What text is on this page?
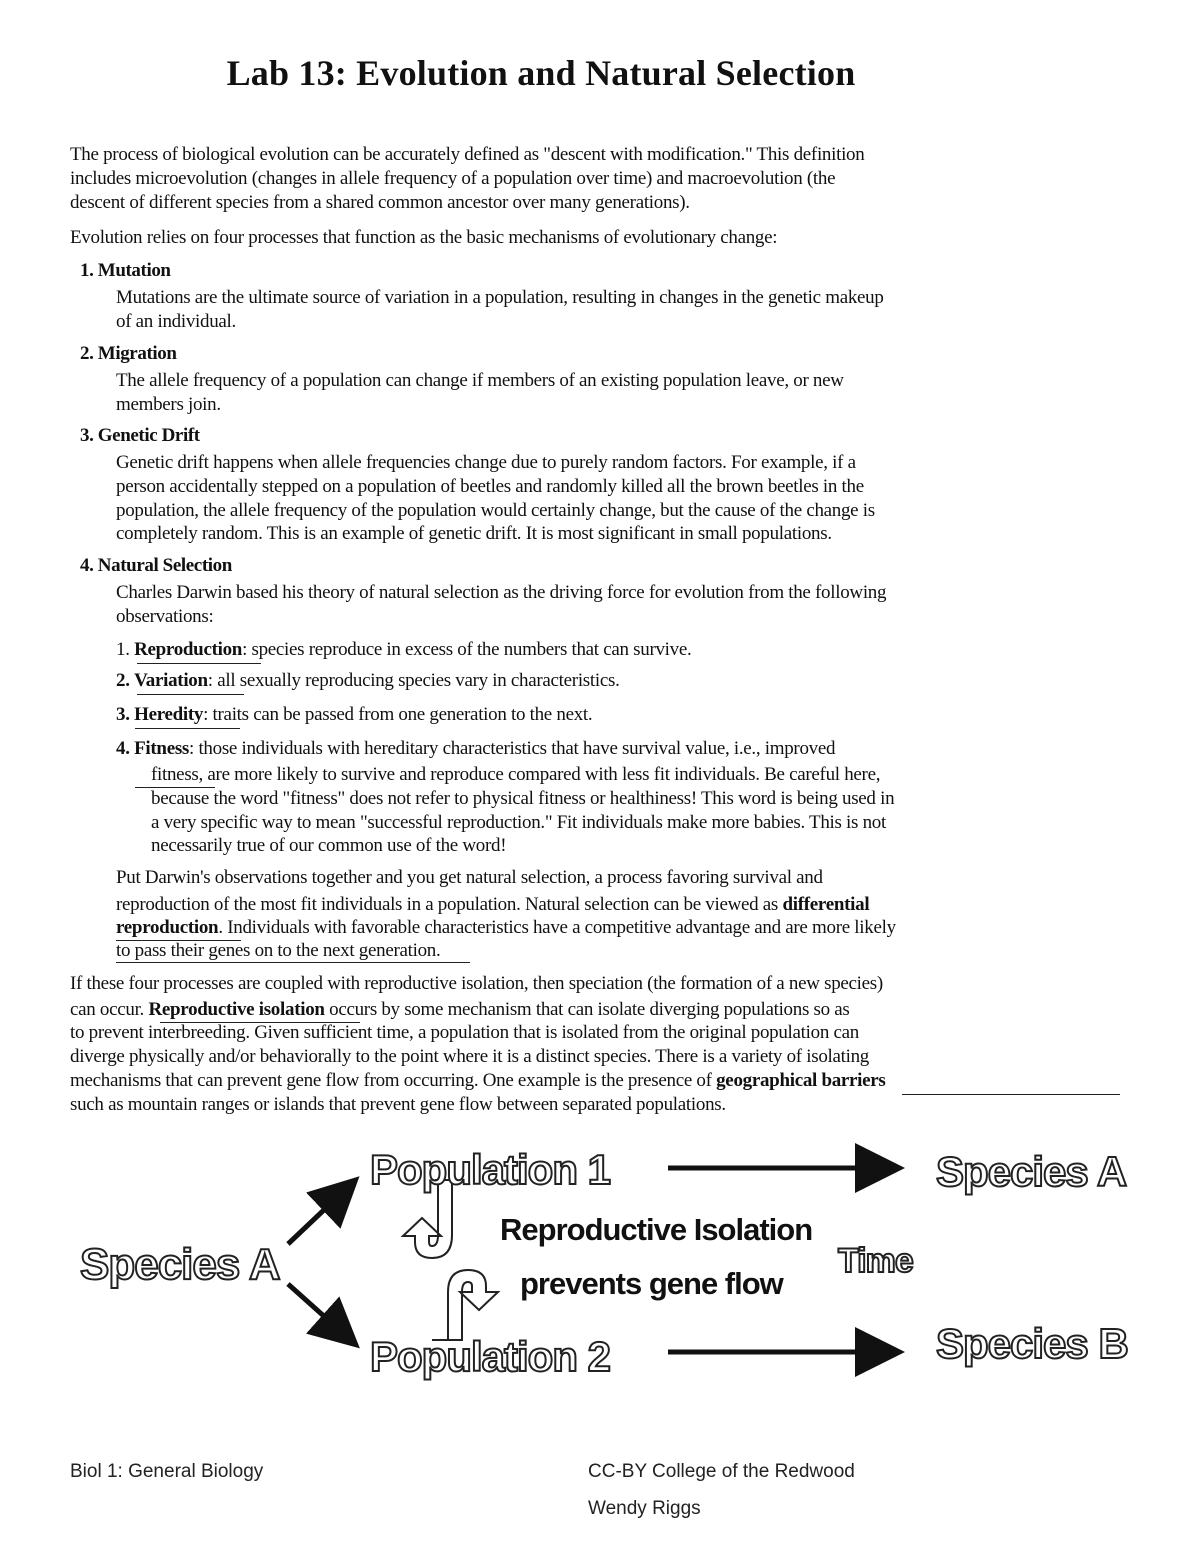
Lab 13: Evolution and Natural Selection
The process of biological evolution can be accurately defined as "descent with modification." This definition
includes microevolution (changes in allele frequency of a population over time) and macroevolution (the
descent of different species from a shared common ancestor over many generations).
Evolution relies on four processes that function as the basic mechanisms of evolutionary change:
1. Mutation
Mutations are the ultimate source of variation in a population, resulting in changes in the genetic makeup
of an individual.
2. Migration
The allele frequency of a population can change if members of an existing population leave, or new
members join.
3. Genetic Drift
Genetic drift happens when allele frequencies change due to purely random factors. For example, if a
person accidentally stepped on a population of beetles and randomly killed all the brown beetles in the
population, the allele frequency of the population would certainly change, but the cause of the change is
completely random. This is an example of genetic drift. It is most significant in small populations.
4. Natural Selection
Charles Darwin based his theory of natural selection as the driving force for evolution from the following
observations:
1. Reproduction: species reproduce in excess of the numbers that can survive.
2. Variation: all sexually reproducing species vary in characteristics.
3. Heredity: traits can be passed from one generation to the next.
4. Fitness: those individuals with hereditary characteristics that have survival value, i.e., improved
fitness, are more likely to survive and reproduce compared with less fit individuals. Be careful here,
because the word "fitness" does not refer to physical fitness or healthiness! This word is being used in
a very specific way to mean "successful reproduction." Fit individuals make more babies. This is not
necessarily true of our common use of the word!
Put Darwin's observations together and you get natural selection, a process favoring survival and
reproduction of the most fit individuals in a population. Natural selection can be viewed as differential
reproduction. Individuals with favorable characteristics have a competitive advantage and are more likely
to pass their genes on to the next generation.
If these four processes are coupled with reproductive isolation, then speciation (the formation of a new species)
can occur. Reproductive isolation occurs by some mechanism that can isolate diverging populations so as
to prevent interbreeding. Given sufficient time, a population that is isolated from the original population can
diverge physically and/or behaviorally to the point where it is a distinct species. There is a variety of isolating
mechanisms that can prevent gene flow from occurring. One example is the presence of geographical barriers
such as mountain ranges or islands that prevent gene flow between separated populations.
Species A
Population 1
Population 2
Reproductive Isolation
prevents gene flow
Time
Species A
Species B
Biol 1: General Biology	CC-BY College of the Redwood
Wendy Riggs
